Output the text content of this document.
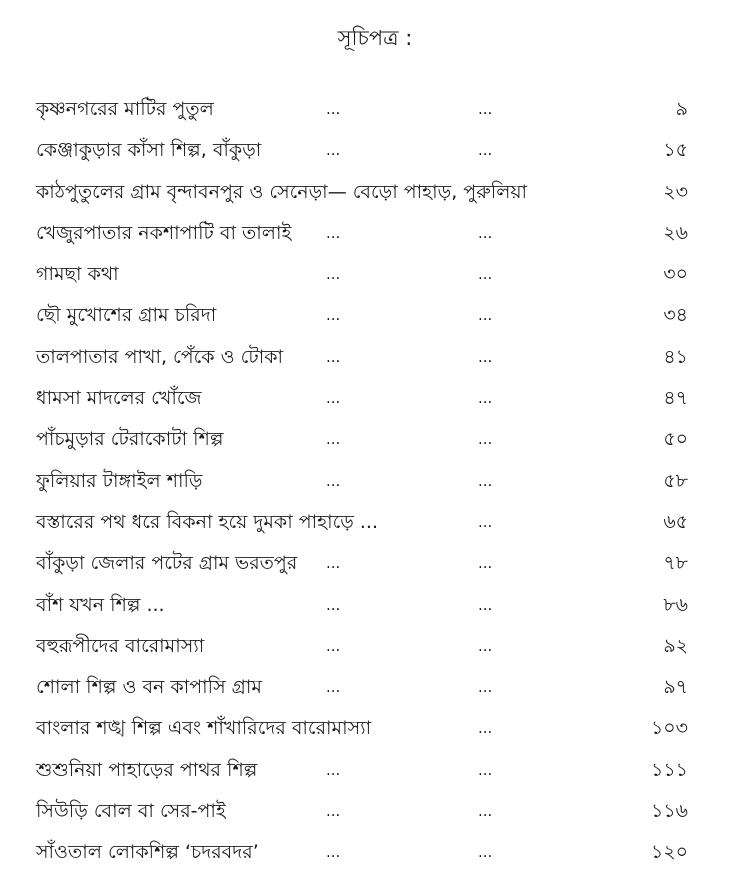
সূচিপত্র :
কৃষ্ণনগরের মাটির পুতুল	...	...	৯
কেঞ্জাকুড়ার কাঁসা শিল্প, বাঁকুড়া	...	...	১৫
কাঠপুতুলের গ্রাম বৃন্দাবনপুর ও সেনেড়া— বেড়ো পাহাড়, পুরুলিয়া	২৩
খেজুরপাতার নকশাপাটি বা তালাই ...	...	২৬
গামছা কথা	...	...	৩০
ছৌ মুখোশের গ্রাম চরিদা	...	...	৩৪
তালপাতার পাখা, পেঁকে ও টোকা	...	...	৪১
ধামসা মাদলের খোঁজে	...	...	৪৭
পাঁচমুড়ার টেরাকোটা শিল্প	...	...	৫০
ফুলিয়ার টাঙ্গাইল শাড়ি	...	...	৫৮
বস্তারের পথ ধরে বিকনা হয়ে দুমকা পাহাড়ে ...	...	৬৫
বাঁকুড়া জেলার পটের গ্রাম ভরতপুর ...	...	৭৮
বাঁশ যখন শিল্প ...	...	...	৮৬
বহুরূপীদের বারোমাস্যা	...	...	৯২
শোলা শিল্প ও বন কাপাসি গ্রাম	...	...	৯৭
বাংলার শঙ্খ শিল্প এবং শাঁখারিদের বারোমাস্যা	...	১০৩
শুশুনিয়া পাহাড়ের পাথর শিল্প	...	...	১১১
সিউড়ি বোল বা সের-পাই	...	...	১১৬
সাঁওতাল লোকশিল্প ‘চদরবদর’	...	...	১২০
